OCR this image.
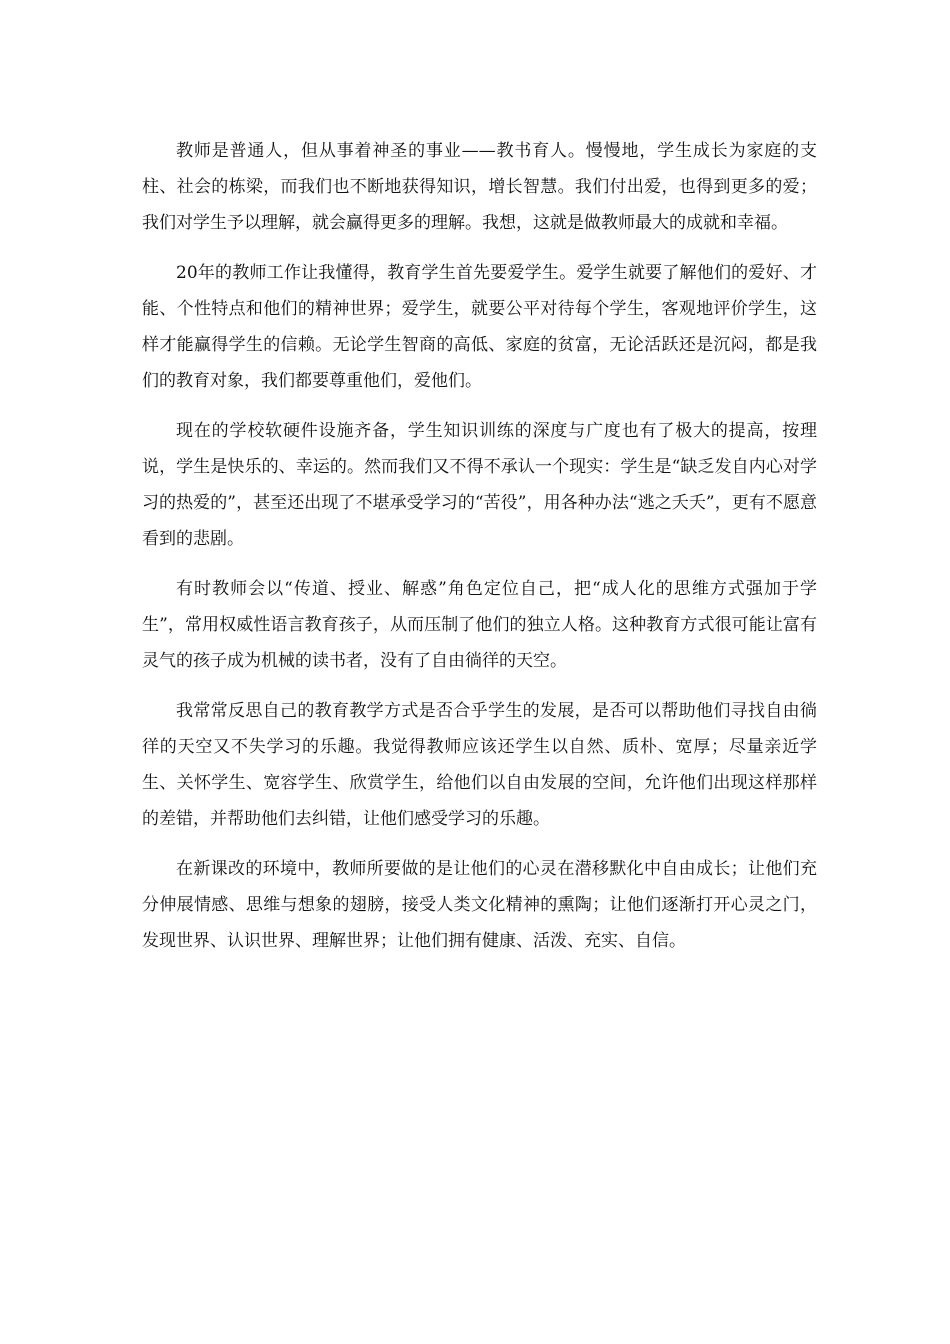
教师是普通人，但从事着神圣的事业——教书育人。慢慢地，学生成长为家庭的支柱、社会的栋梁，而我们也不断地获得知识，增长智慧。我们付出爱，也得到更多的爱；我们对学生予以理解，就会赢得更多的理解。我想，这就是做教师最大的成就和幸福。

20年的教师工作让我懂得，教育学生首先要爱学生。爱学生就要了解他们的爱好、才能、个性特点和他们的精神世界；爱学生，就要公平对待每个学生，客观地评价学生，这样才能赢得学生的信赖。无论学生智商的高低、家庭的贫富，无论活跃还是沉闷，都是我们的教育对象，我们都要尊重他们，爱他们。

现在的学校软硬件设施齐备，学生知识训练的深度与广度也有了极大的提高，按理说，学生是快乐的、幸运的。然而我们又不得不承认一个现实：学生是“缺乏发自内心对学习的热爱的”，甚至还出现了不堪承受学习的“苦役”，用各种办法“逃之夭夭”，更有不愿意看到的悲剧。

有时教师会以“传道、授业、解惑”角色定位自己，把“成人化的思维方式强加于学生”，常用权威性语言教育孩子，从而压制了他们的独立人格。这种教育方式很可能让富有灵气的孩子成为机械的读书者，没有了自由徜徉的天空。

我常常反思自己的教育教学方式是否合乎学生的发展，是否可以帮助他们寻找自由徜徉的天空又不失学习的乐趣。我觉得教师应该还学生以自然、质朴、宽厚；尽量亲近学生、关怀学生、宽容学生、欣赏学生，给他们以自由发展的空间，允许他们出现这样那样的差错，并帮助他们去纠错，让他们感受学习的乐趣。

在新课改的环境中，教师所要做的是让他们的心灵在潜移默化中自由成长；让他们充分伸展情感、思维与想象的翅膀，接受人类文化精神的熏陶；让他们逐渐打开心灵之门，发现世界、认识世界、理解世界；让他们拥有健康、活泼、充实、自信。
